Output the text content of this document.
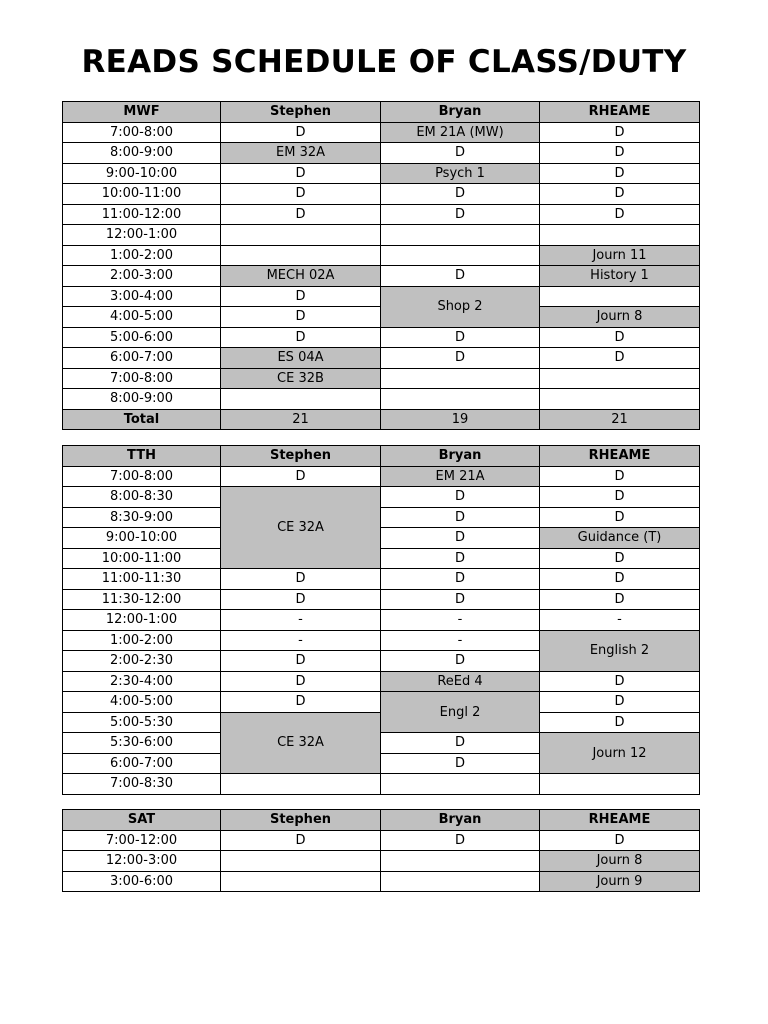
READS SCHEDULE OF CLASS/DUTY
MWF	Stephen	Bryan	RHEAME
7:00-8:00	D	EM 21A (MW)	D
8:00-9:00	EM 32A	D	D
9:00-10:00	D	Psych 1	D
10:00-11:00	D	D	D
11:00-12:00	D	D	D
12:00-1:00			
1:00-2:00			Journ 11
2:00-3:00	MECH 02A	D	History 1
3:00-4:00	D	Shop 2	
4:00-5:00	D		Journ 8
5:00-6:00	D	D	D
6:00-7:00	ES 04A	D	D
7:00-8:00	CE 32B		
8:00-9:00			
Total	21	19	21
TTH	Stephen	Bryan	RHEAME
7:00-8:00	D	EM 21A	D
8:00-8:30	CE 32A	D	D
8:30-9:00		D	D
9:00-10:00		D	Guidance (T)
10:00-11:00		D	D
11:00-11:30	D	D	D
11:30-12:00	D	D	D
12:00-1:00	-	-	-
1:00-2:00	-	-	English 2
2:00-2:30	D	D	
2:30-4:00	D	ReEd 4	D
4:00-5:00	D	Engl 2	D
5:00-5:30	CE 32A		D
5:30-6:00		D	Journ 12
6:00-7:00		D	
7:00-8:30			
SAT	Stephen	Bryan	RHEAME
7:00-12:00	D	D	D
12:00-3:00			Journ 8
3:00-6:00			Journ 9
